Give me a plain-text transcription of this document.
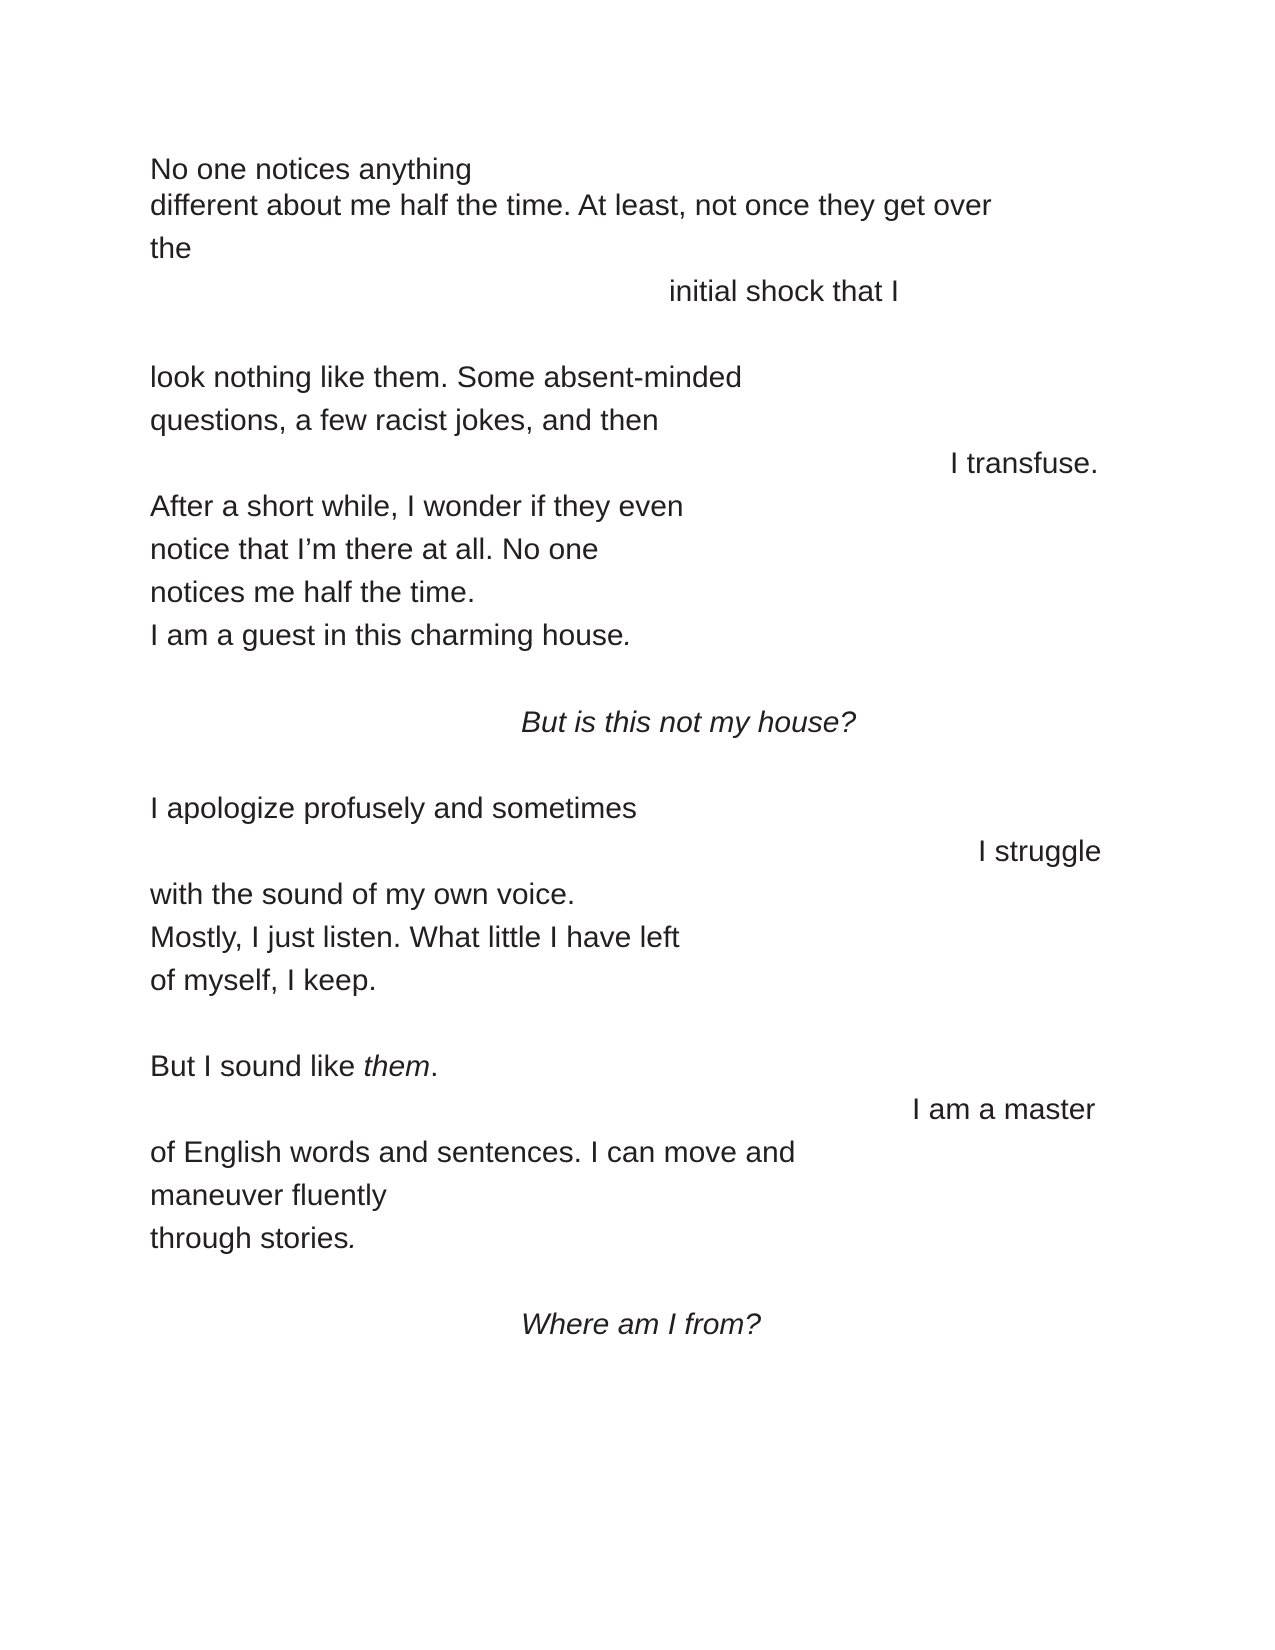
No one notices anything

different about me half the time. At least, not once they get over

the

initial shock that I

look nothing like them. Some absent-minded

questions, a few racist jokes, and then

I transfuse.

After a short while, I wonder if they even

notice that I’m there at all. No one

notices me half the time.

I am a guest in this charming house.

But is this not my house?

I apologize profusely and sometimes

I struggle

with the sound of my own voice.

Mostly, I just listen. What little I have left

of myself, I keep.

But I sound like them.

I am a master

of English words and sentences. I can move and

maneuver fluently

through stories.

Where am I from?
